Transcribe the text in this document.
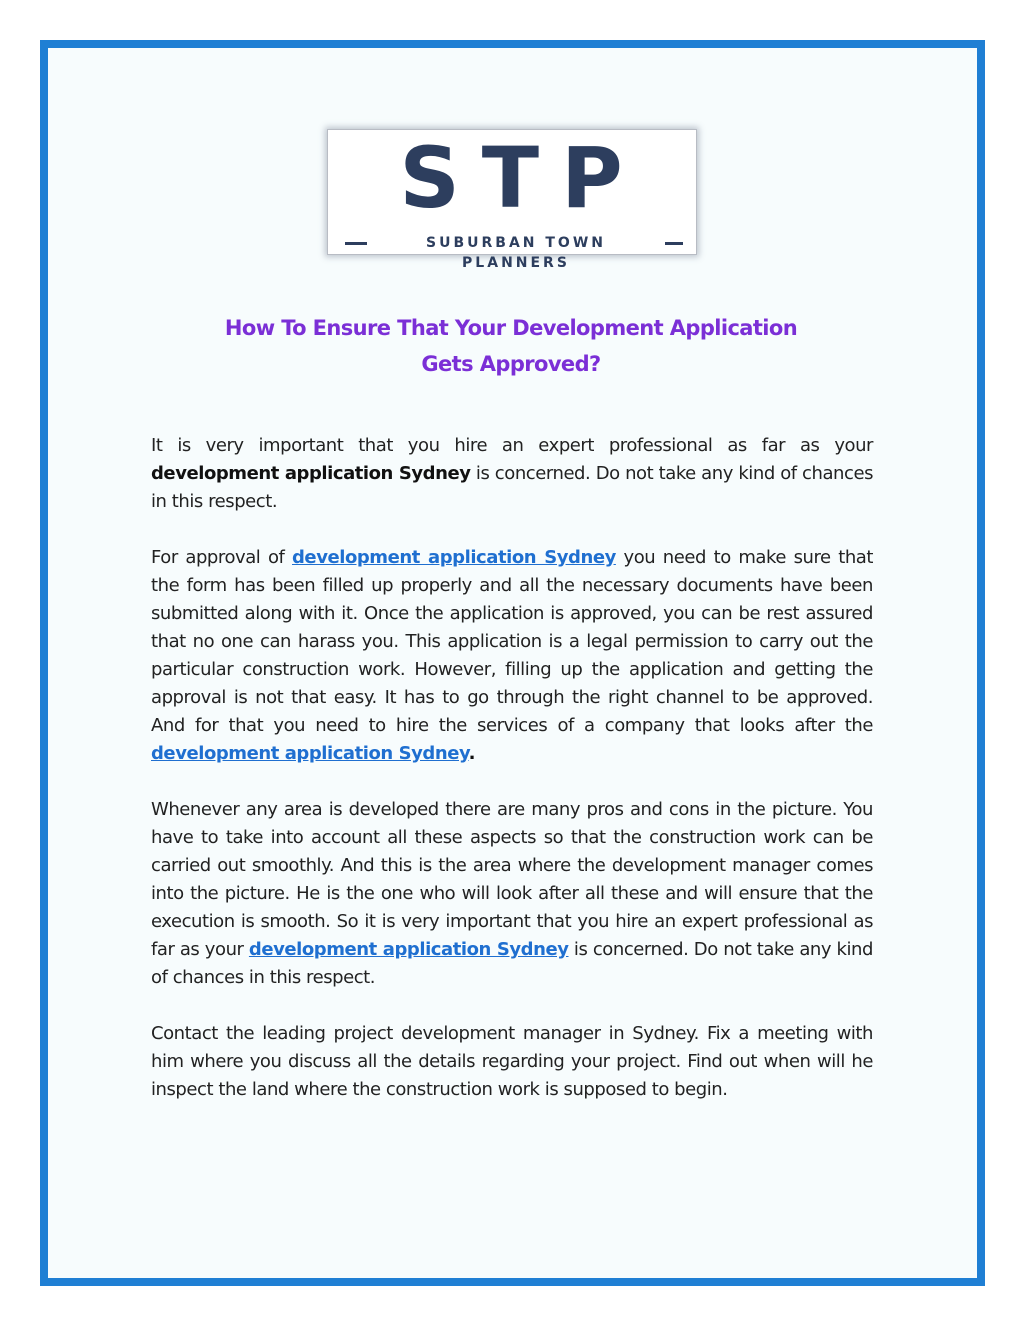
STP
SUBURBAN TOWN PLANNERS
How To Ensure That Your Development Application
Gets Approved?

It is very important that you hire an expert professional as far as your development application Sydney is concerned. Do not take any kind of chances in this respect.

For approval of development application Sydney you need to make sure that the form has been filled up properly and all the necessary documents have been submitted along with it. Once the application is approved, you can be rest assured that no one can harass you. This application is a legal permission to carry out the particular construction work. However, filling up the application and getting the approval is not that easy. It has to go through the right channel to be approved. And for that you need to hire the services of a company that looks after the development application Sydney.

Whenever any area is developed there are many pros and cons in the picture. You have to take into account all these aspects so that the construction work can be carried out smoothly. And this is the area where the development manager comes into the picture. He is the one who will look after all these and will ensure that the execution is smooth. So it is very important that you hire an expert professional as far as your development application Sydney is concerned. Do not take any kind of chances in this respect.

Contact the leading project development manager in Sydney. Fix a meeting with him where you discuss all the details regarding your project. Find out when will he inspect the land where the construction work is supposed to begin.
